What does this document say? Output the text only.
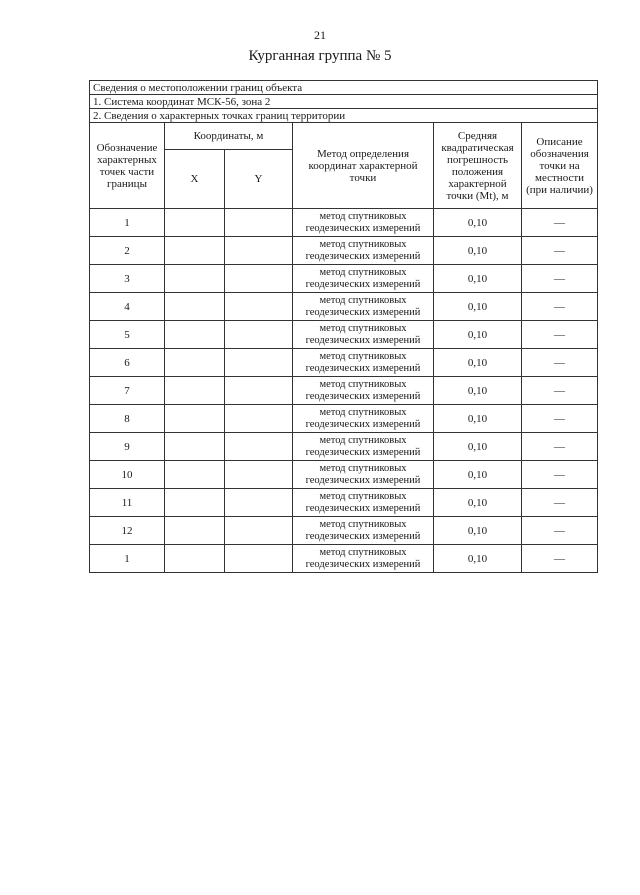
21
Курганная группа № 5
Сведения о местоположении границ объекта					
1. Система координат МСК-56, зона 2					
2. Сведения о характерных точках границ территории					
Обозначение характерных точек части границы	Координаты, м		Метод определения координат характерной точки	Средняя квадратическая погрешность положения характерной точки (Mt), м	Описание обозначения точки на местности (при наличии)
	X	Y			
1			метод спутниковых геодезических измерений	0,10	—
2			метод спутниковых геодезических измерений	0,10	—
3			метод спутниковых геодезических измерений	0,10	—
4			метод спутниковых геодезических измерений	0,10	—
5			метод спутниковых геодезических измерений	0,10	—
6			метод спутниковых геодезических измерений	0,10	—
7			метод спутниковых геодезических измерений	0,10	—
8			метод спутниковых геодезических измерений	0,10	—
9			метод спутниковых геодезических измерений	0,10	—
10			метод спутниковых геодезических измерений	0,10	—
11			метод спутниковых геодезических измерений	0,10	—
12			метод спутниковых геодезических измерений	0,10	—
1			метод спутниковых геодезических измерений	0,10	—
